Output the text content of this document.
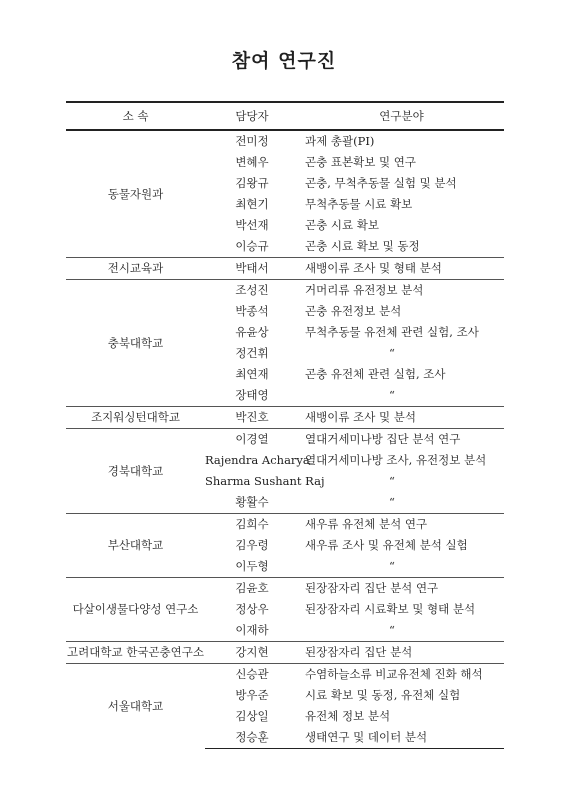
참여 연구진
소 속	담당자	연구분야
동물자원과	전미정	과제 총괄(PI)
	변혜우	곤충 표본확보 및 연구
	김왕규	곤충, 무척추동물 실험 및 분석
	최현기	무척추동물 시료 확보
	박선재	곤충 시료 확보
	이승규	곤충 시료 확보 및 동정
전시교육과	박태서	새뱅이류 조사 및 형태 분석
충북대학교	조성진	거머리류 유전정보 분석
	박종석	곤충 유전정보 분석
	유윤상	무척추동물 유전체 관련 실험, 조사
	정건휘	“
	최연재	곤충 유전체 관련 실험, 조사
	장태영	“
조지워싱턴대학교	박진호	새뱅이류 조사 및 분석
경북대학교	이경열	열대거세미나방 집단 분석 연구
	Rajendra Acharya	열대거세미나방 조사, 유전정보 분석
	Sharma Sushant Raj	“
	황활수	“
부산대학교	김희수	새우류 유전체 분석 연구
	김우령	새우류 조사 및 유전체 분석 실험
	이두형	“
다살이생물다양성 연구소	김윤호	된장잠자리 집단 분석 연구
	정상우	된장잠자리 시료확보 및 형태 분석
	이재하	“
고려대학교 한국곤충연구소	강지현	된장잠자리 집단 분석
서울대학교	신승관	수염하늘소류 비교유전체 진화 해석
	방우준	시료 확보 및 동정, 유전체 실험
	김상일	유전체 정보 분석
	정승훈	생태연구 및 데이터 분석
